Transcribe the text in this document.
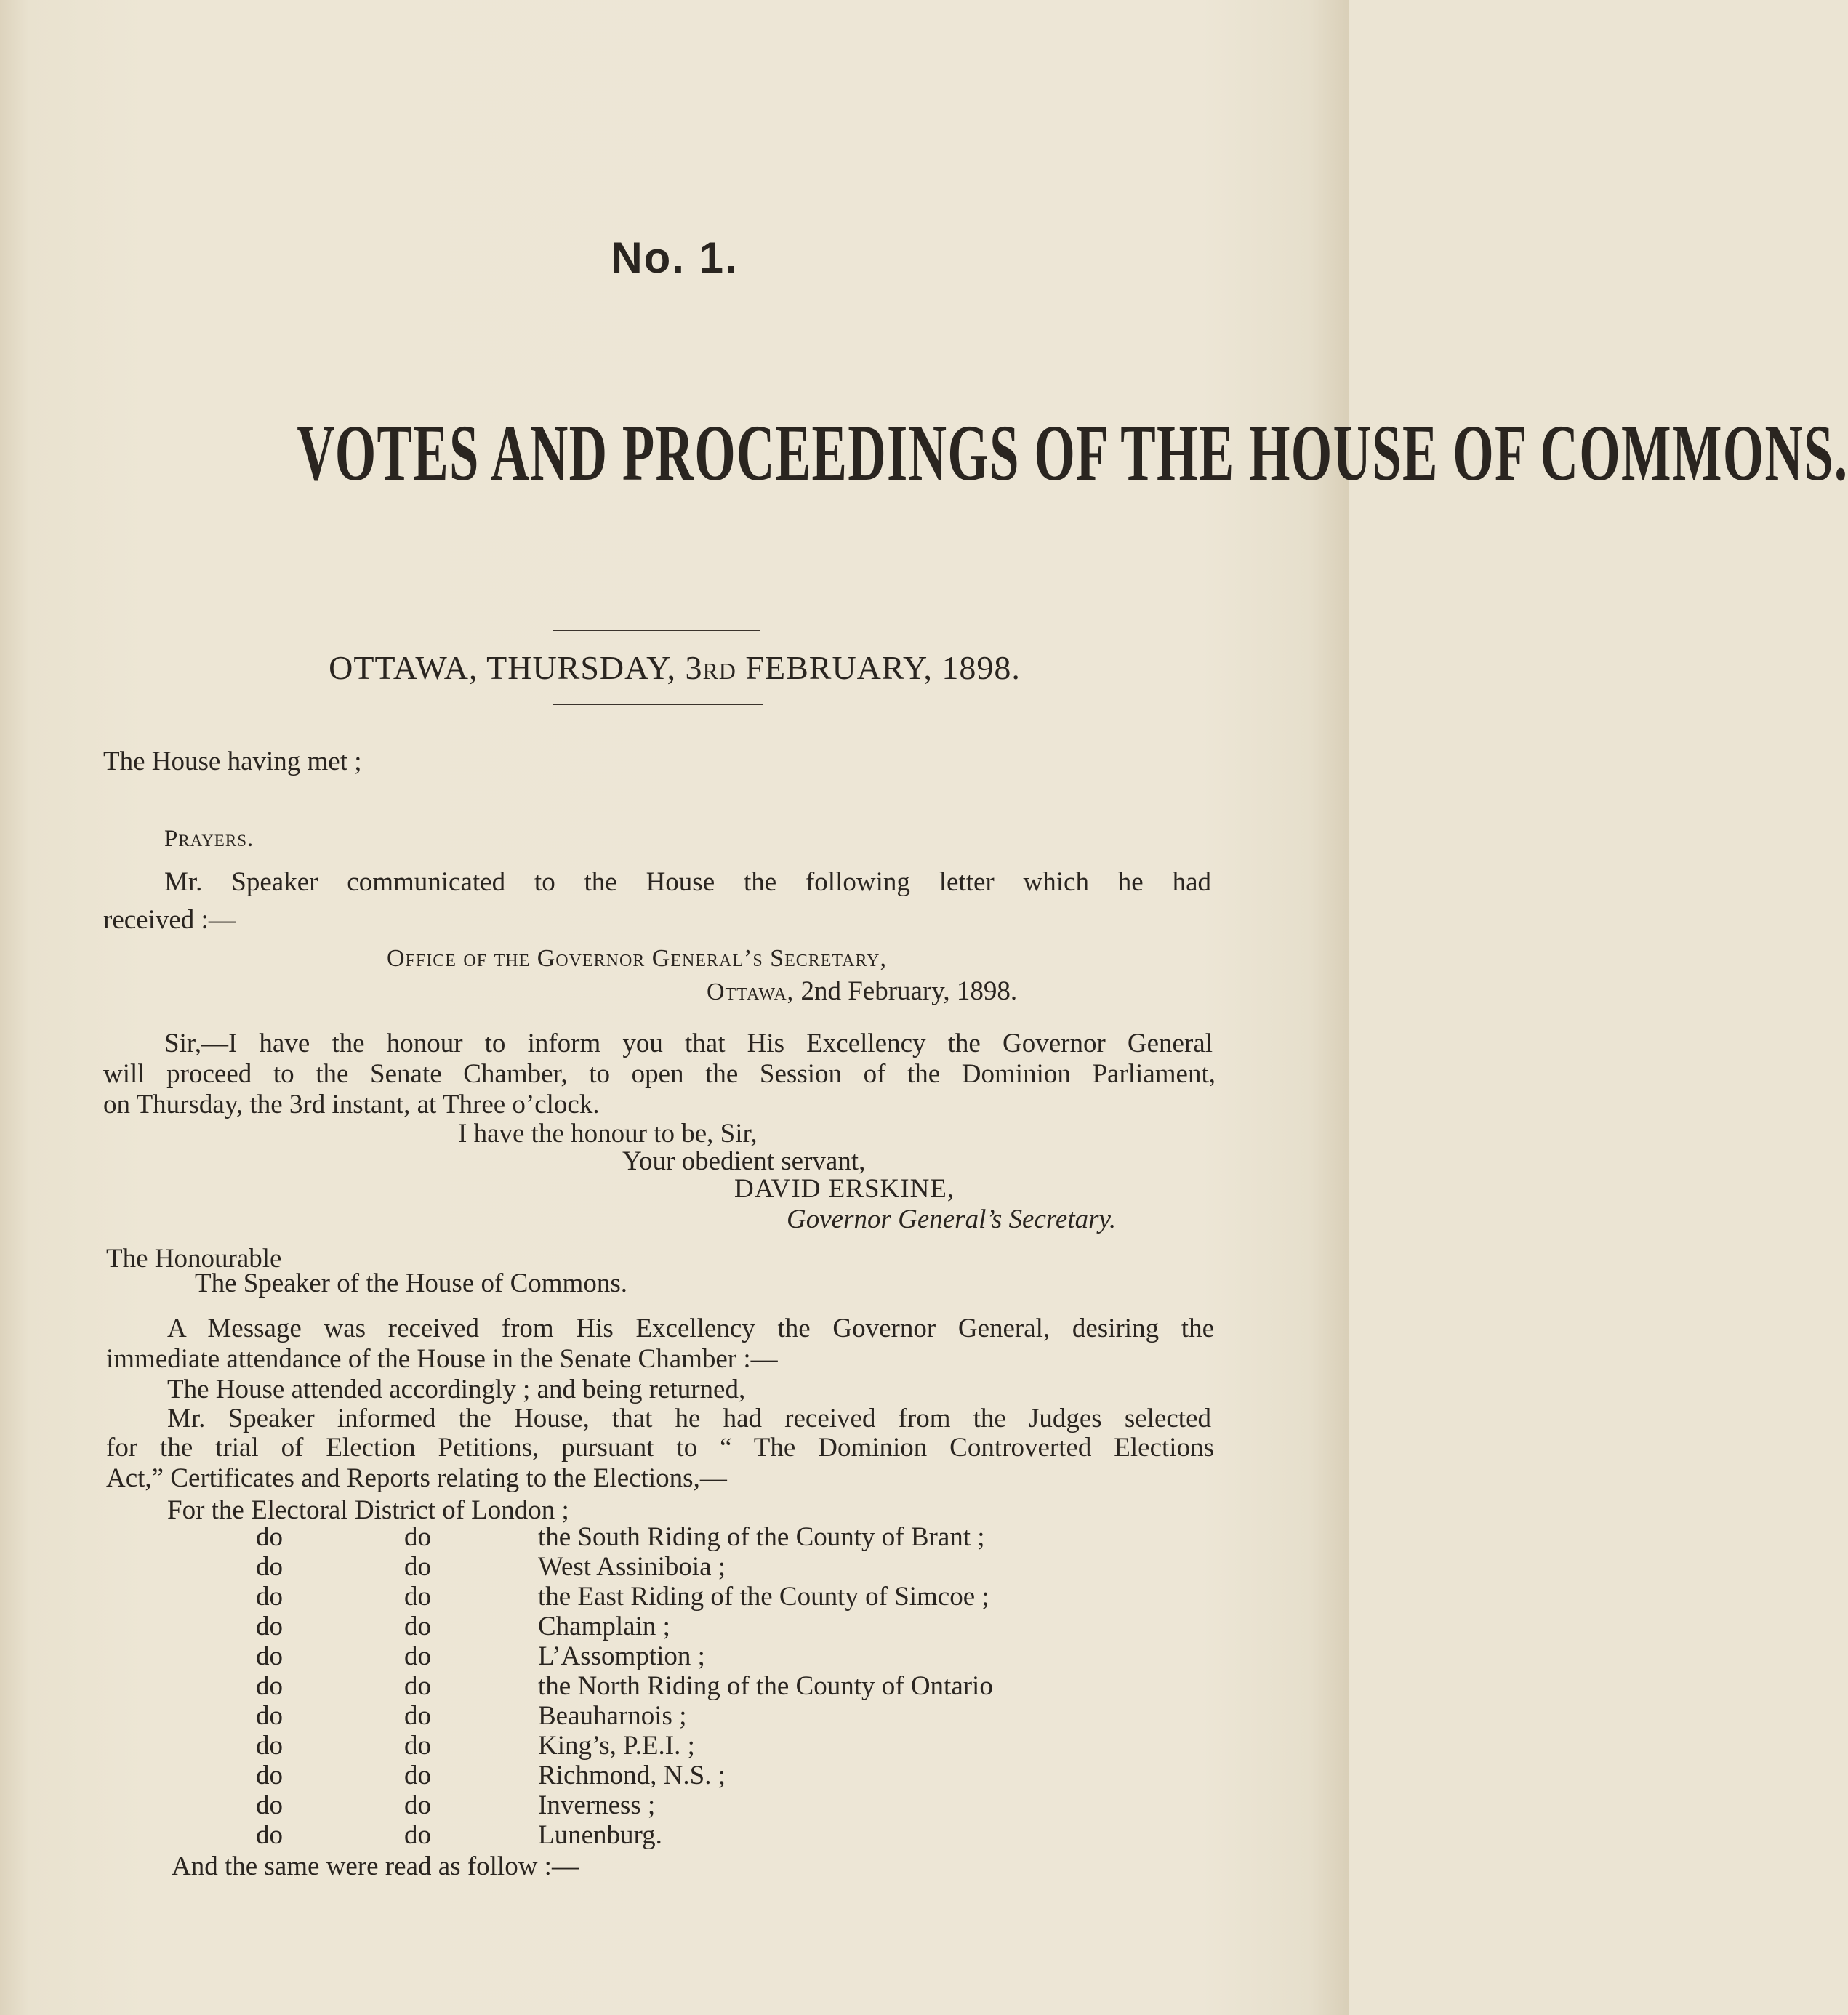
No. 1.
VOTES AND PROCEEDINGS OF THE HOUSE OF COMMONS.
OTTAWA, THURSDAY, 3RD FEBRUARY, 1898.
The House having met ;
Prayers.
Mr. Speaker communicated to the House the following letter which he had
received :—
Office of the Governor General’s Secretary,
Ottawa, 2nd February, 1898.
Sir,—I have the honour to inform you that His Excellency the Governor General
will proceed to the Senate Chamber, to open the Session of the Dominion Parliament,
on Thursday, the 3rd instant, at Three o’clock.
I have the honour to be, Sir,
Your obedient servant,
DAVID ERSKINE,
Governor General’s Secretary.
The Honourable
The Speaker of the House of Commons.
A Message was received from His Excellency the Governor General, desiring the
immediate attendance of the House in the Senate Chamber :—
The House attended accordingly ; and being returned,
Mr. Speaker informed the House, that he had received from the Judges selected
for the trial of Election Petitions, pursuant to “ The Dominion Controverted Elections
Act,” Certificates and Reports relating to the Elections,—
For the Electoral District of London ;
do	do	the South Riding of the County of Brant ;
do	do	West Assiniboia ;
do	do	the East Riding of the County of Simcoe ;
do	do	Champlain ;
do	do	L’Assomption ;
do	do	the North Riding of the County of Ontario
do	do	Beauharnois ;
do	do	King’s, P.E.I. ;
do	do	Richmond, N.S. ;
do	do	Inverness ;
do	do	Lunenburg.
And the same were read as follow :—
